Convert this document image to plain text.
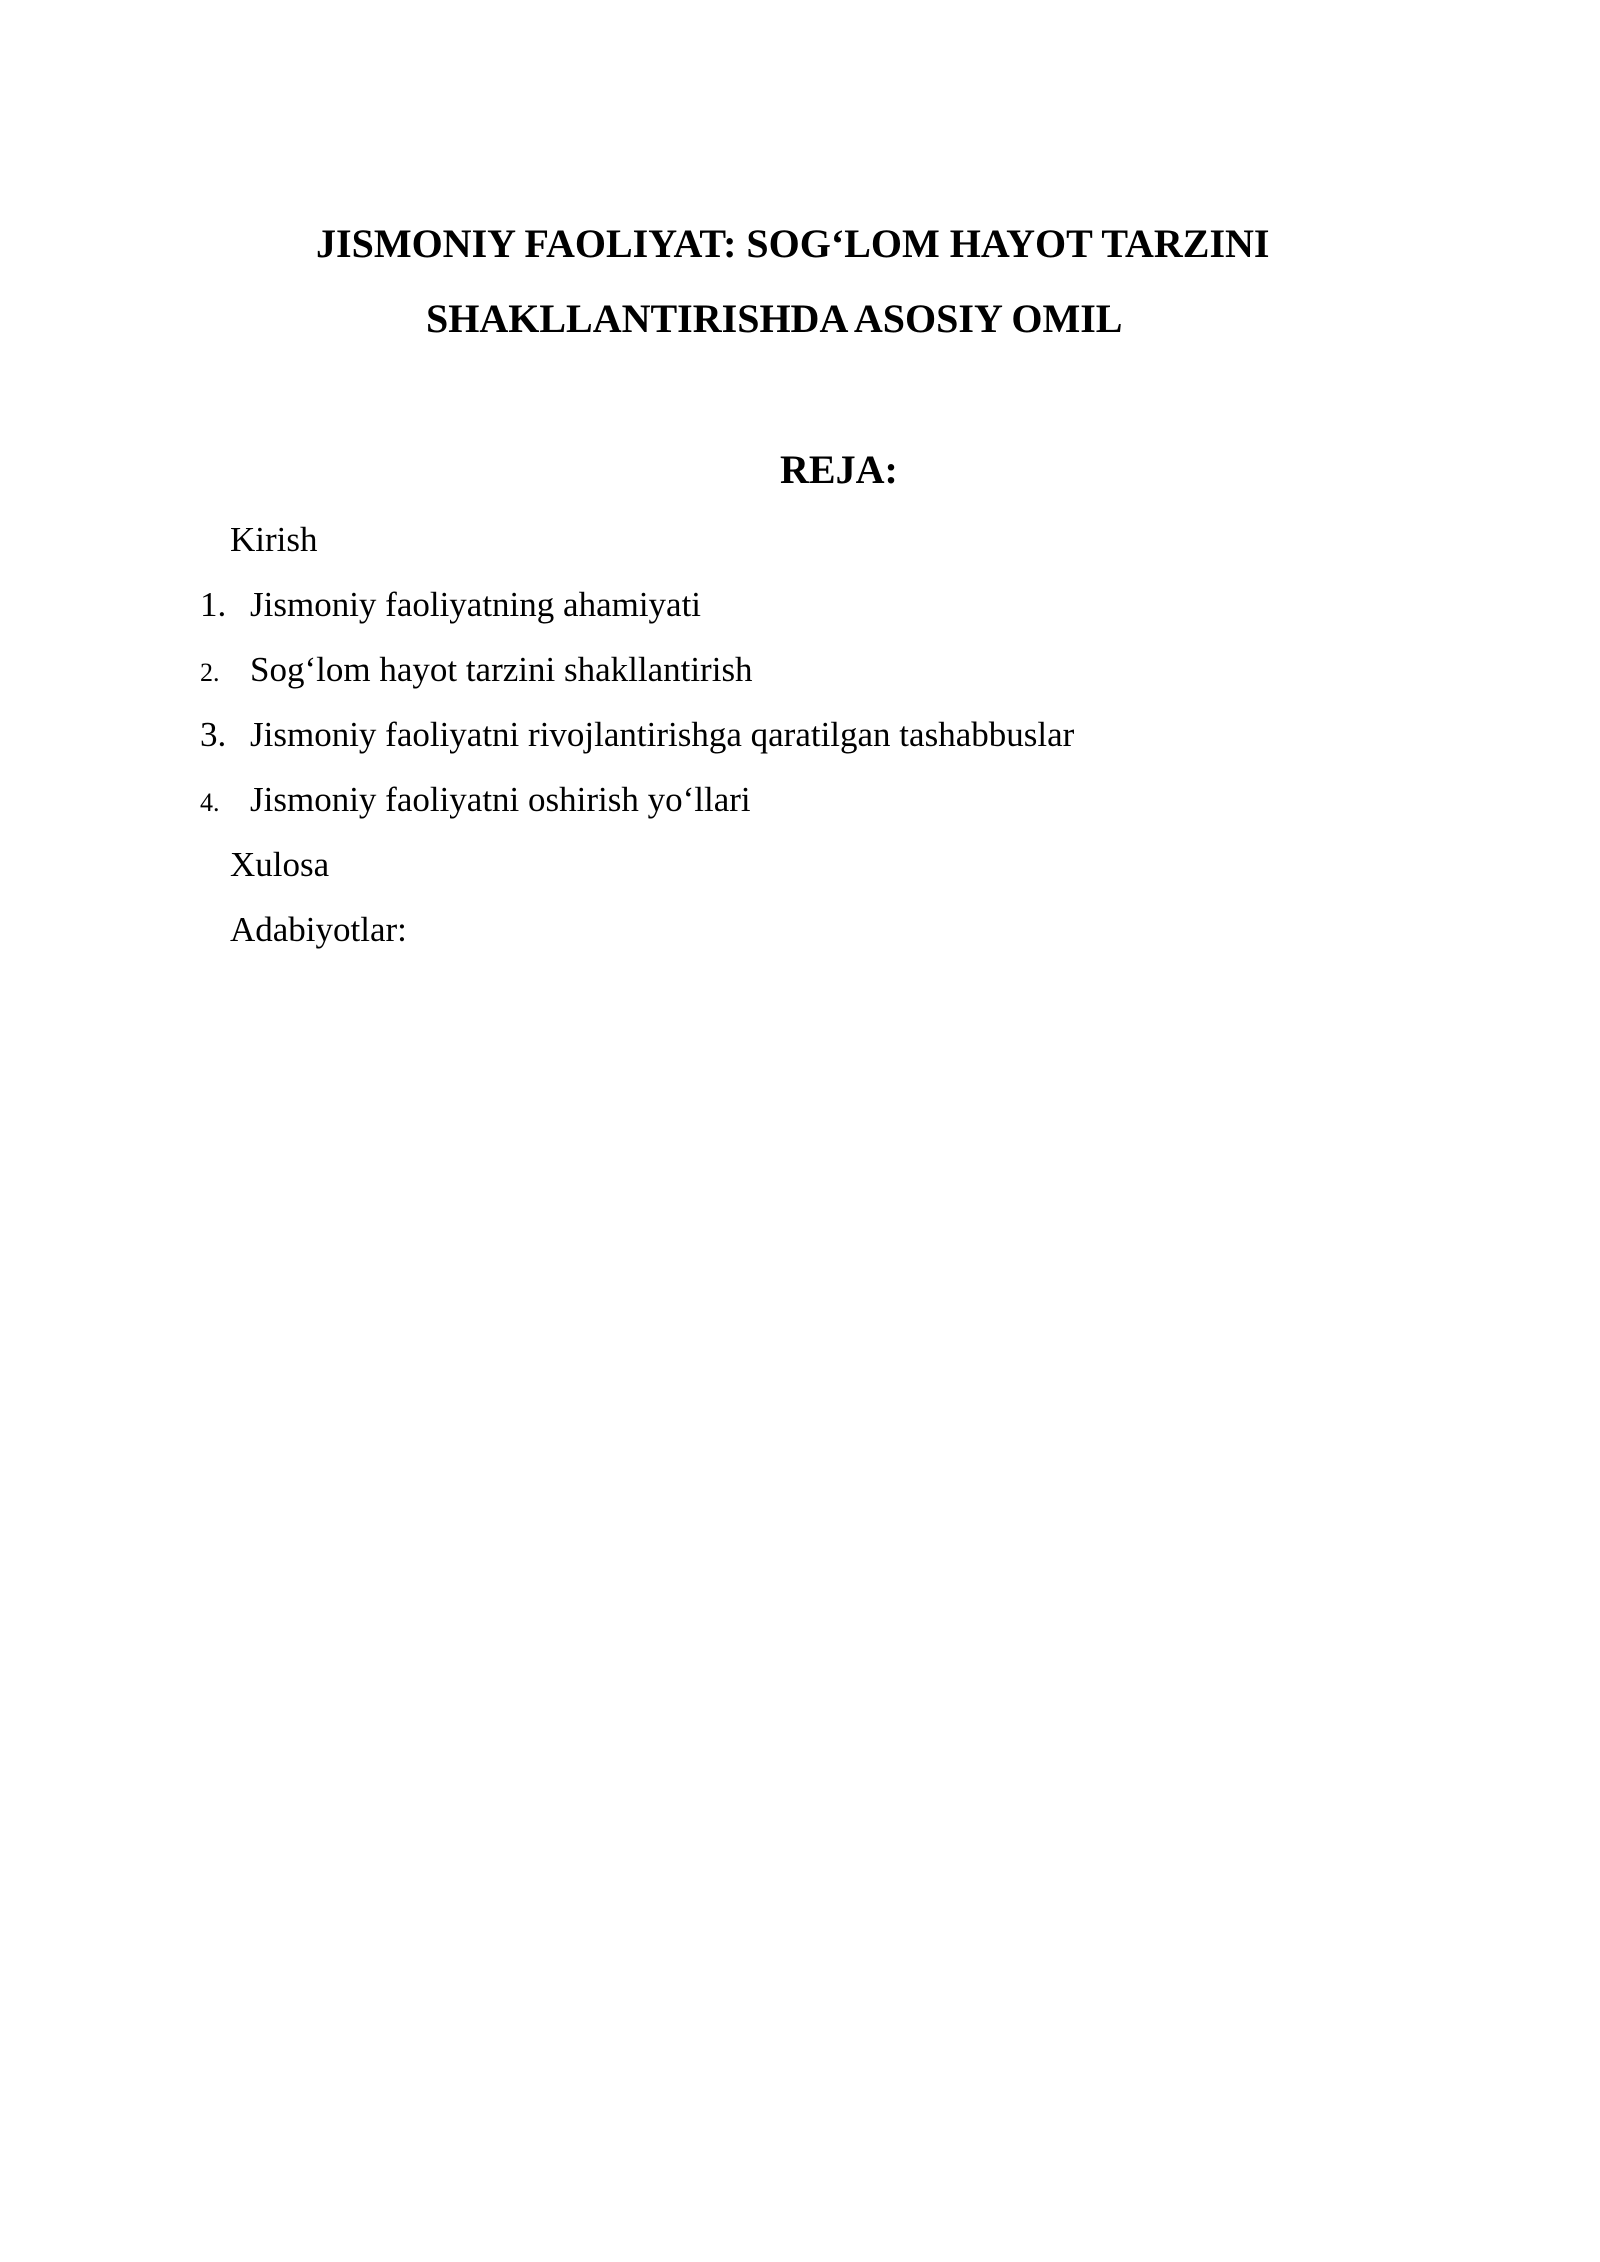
JISMONIY FAOLIYAT: SOG‘LOM HAYOT TARZINI
SHAKLLANTIRISHDA ASOSIY OMIL
REJA:
Kirish
1. Jismoniy faoliyatning ahamiyati
2. Sog‘lom hayot tarzini shakllantirish
3. Jismoniy faoliyatni rivojlantirishga qaratilgan tashabbuslar
4. Jismoniy faoliyatni oshirish yo‘llari
Xulosa
Adabiyotlar:
